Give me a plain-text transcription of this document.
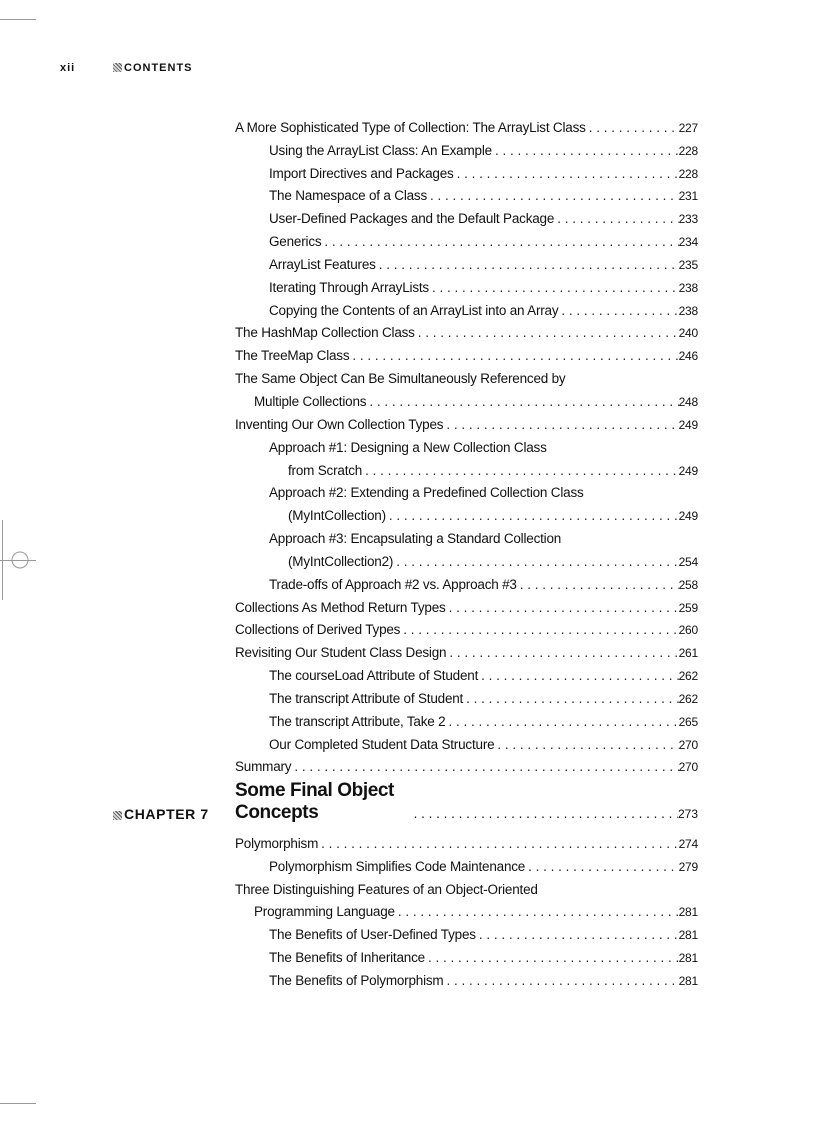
xii	CONTENTS
A More Sophisticated Type of Collection: The ArrayList Class . . .	227
Using the ArrayList Class: An Example . . .	228
Import Directives and Packages . . .	228
The Namespace of a Class . . .	231
User-Defined Packages and the Default Package . . .	233
Generics . . .	234
ArrayList Features . . .	235
Iterating Through ArrayLists . . .	238
Copying the Contents of an ArrayList into an Array . . .	238
The HashMap Collection Class . . .	240
The TreeMap Class . . .	246
The Same Object Can Be Simultaneously Referenced by
Multiple Collections . . .	248
Inventing Our Own Collection Types . . .	249
Approach #1: Designing a New Collection Class
from Scratch . . .	249
Approach #2: Extending a Predefined Collection Class
(MyIntCollection) . . .	249
Approach #3: Encapsulating a Standard Collection
(MyIntCollection2) . . .	254
Trade-offs of Approach #2 vs. Approach #3 . . .	258
Collections As Method Return Types . . .	259
Collections of Derived Types . . .	260
Revisiting Our Student Class Design . . .	261
The courseLoad Attribute of Student . . .	262
The transcript Attribute of Student . . .	262
The transcript Attribute, Take 2 . . .	265
Our Completed Student Data Structure . . .	270
Summary . . .	270
CHAPTER 7
Some Final Object Concepts . . .	273
Polymorphism . . .	274
Polymorphism Simplifies Code Maintenance . . .	279
Three Distinguishing Features of an Object-Oriented
Programming Language . . .	281
The Benefits of User-Defined Types . . .	281
The Benefits of Inheritance . . .	281
The Benefits of Polymorphism . . .	281
